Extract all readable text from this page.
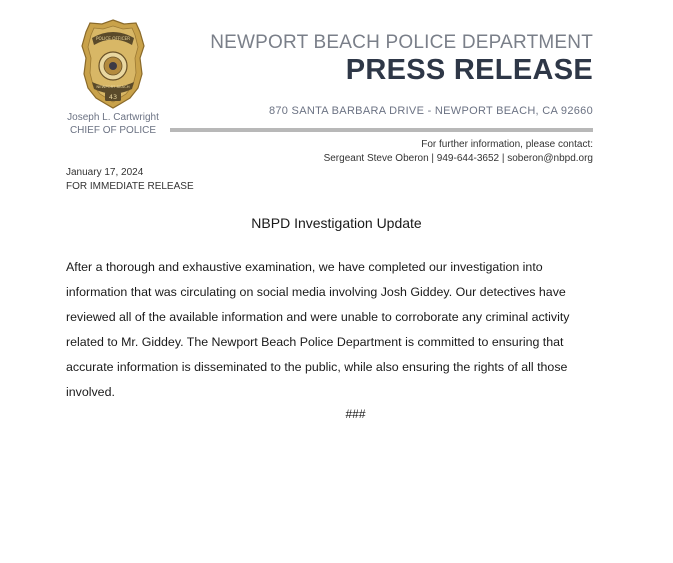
43
POLICE OFFICER
NEWPORT BEACH
Joseph L. Cartwright
CHIEF OF POLICE
NEWPORT BEACH POLICE DEPARTMENT
PRESS RELEASE
870 SANTA BARBARA DRIVE - NEWPORT BEACH, CA 92660
For further information, please contact:
Sergeant Steve Oberon | 949-644-3652 | soberon@nbpd.org
January 17, 2024
FOR IMMEDIATE RELEASE
NBPD Investigation Update
After a thorough and exhaustive examination, we have completed our investigation into
information that was circulating on social media involving Josh Giddey. Our detectives have
reviewed all of the available information and were unable to corroborate any criminal activity
related to Mr. Giddey. The Newport Beach Police Department is committed to ensuring that
accurate information is disseminated to the public, while also ensuring the rights of all those
involved.
###
